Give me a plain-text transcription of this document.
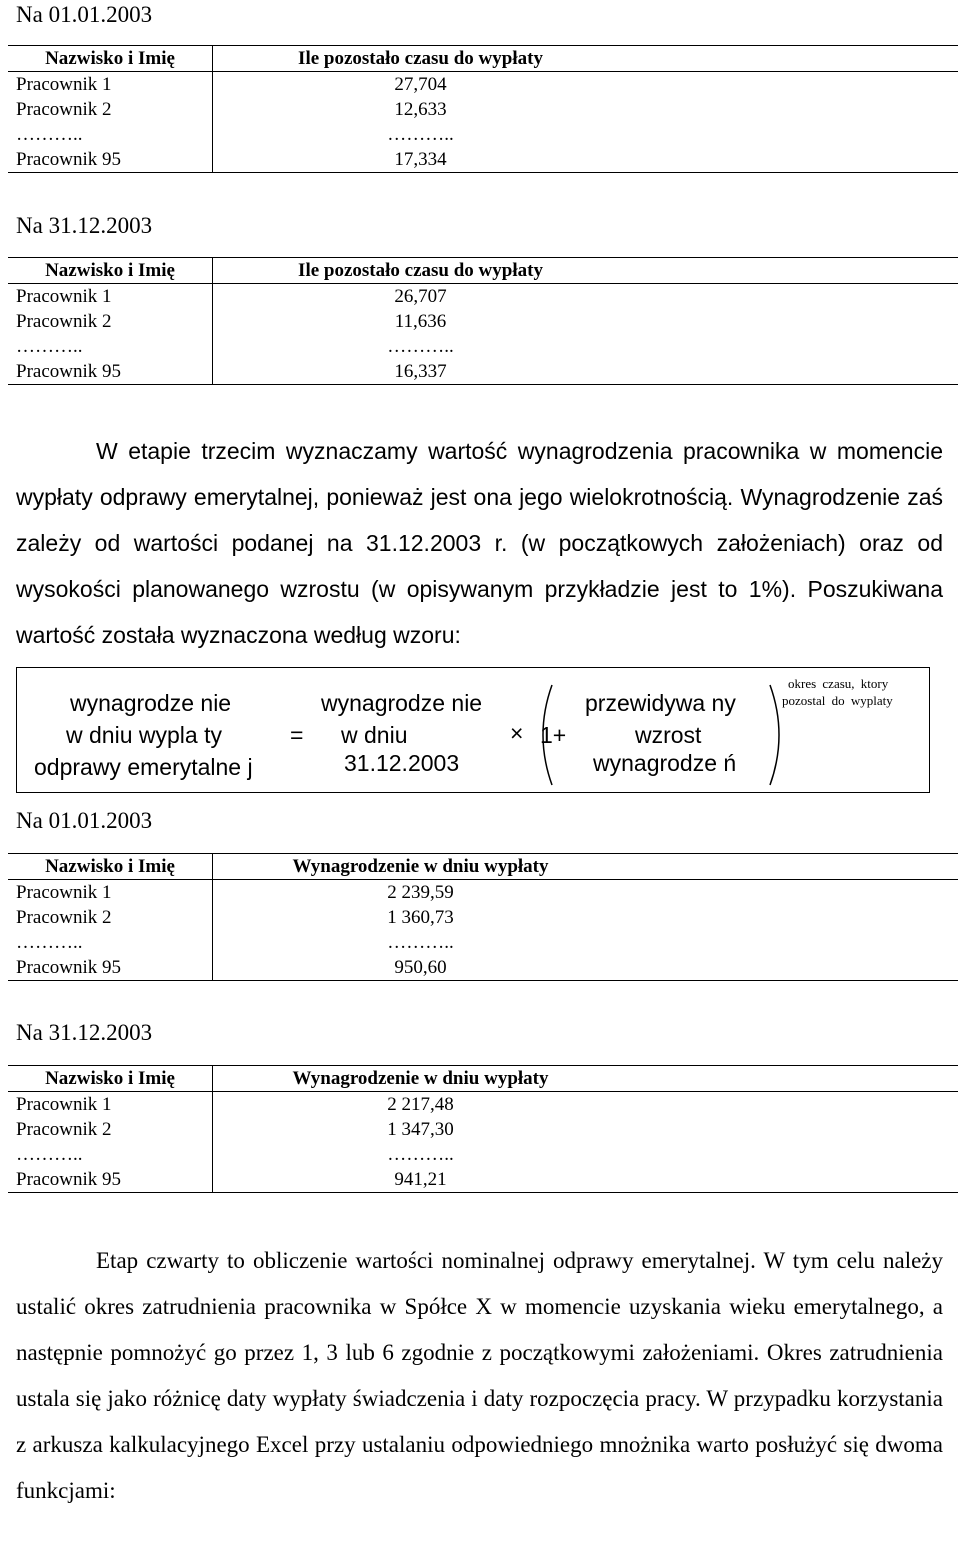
Na 01.01.2003
Nazwisko i Imię	Ile pozostało czasu do wypłaty
Pracownik 1	27,704
Pracownik 2	12,633
………..	………..
Pracownik 95	17,334
Na 31.12.2003
Nazwisko i Imię	Ile pozostało czasu do wypłaty
Pracownik 1	26,707
Pracownik 2	11,636
………..	………..
Pracownik 95	16,337
W etapie trzecim wyznaczamy wartość wynagrodzenia pracownika w momencie wypłaty odprawy emerytalnej, ponieważ jest ona jego wielokrotnością. Wynagrodzenie zaś zależy od wartości podanej na 31.12.2003 r. (w początkowych założeniach) oraz od wysokości planowanego wzrostu (w opisywanym przykładzie jest to 1%). Poszukiwana wartość została wyznaczona według wzoru:
wynagrodze nie
w dniu wypla ty
odprawy emerytalne j
=
wynagrodze nie
w dniu
31.12.2003
× 1+
przewidywa ny
wzrost
wynagrodze ń
okres czasu, ktory
pozostal do wyplaty
Na 01.01.2003
Nazwisko i Imię	Wynagrodzenie w dniu wypłaty
Pracownik 1	2 239,59
Pracownik 2	1 360,73
………..	………..
Pracownik 95	950,60
Na 31.12.2003
Nazwisko i Imię	Wynagrodzenie w dniu wypłaty
Pracownik 1	2 217,48
Pracownik 2	1 347,30
………..	………..
Pracownik 95	941,21
Etap czwarty to obliczenie wartości nominalnej odprawy emerytalnej. W tym celu należy ustalić okres zatrudnienia pracownika w Spółce X w momencie uzyskania wieku emerytalnego, a następnie pomnożyć go przez 1, 3 lub 6 zgodnie z początkowymi założeniami. Okres zatrudnienia ustala się jako różnicę daty wypłaty świadczenia i daty rozpoczęcia pracy. W przypadku korzystania z arkusza kalkulacyjnego Excel przy ustalaniu odpowiedniego mnożnika warto posłużyć się dwoma funkcjami:
